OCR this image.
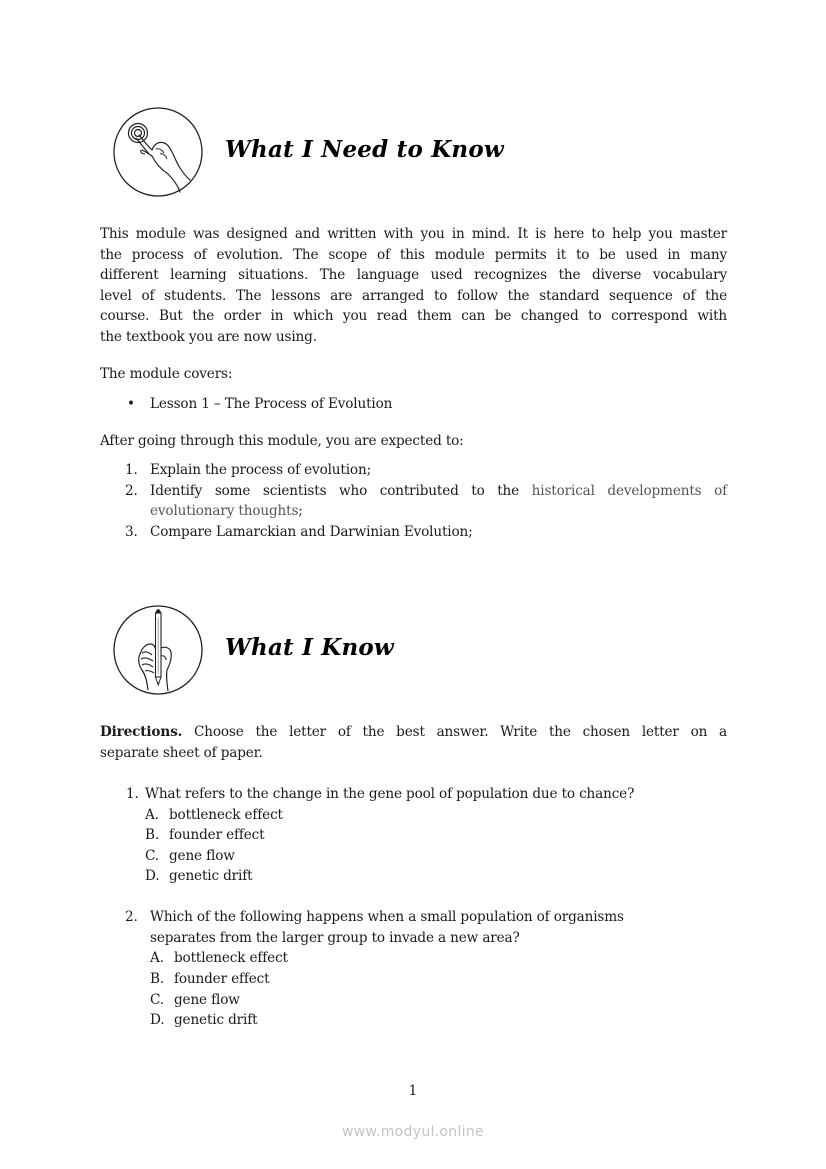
What I Need to Know
This module was designed and written with you in mind. It is here to help you master
the process of evolution. The scope of this module permits it to be used in many
different learning situations. The language used recognizes the diverse vocabulary
level of students. The lessons are arranged to follow the standard sequence of the
course. But the order in which you read them can be changed to correspond with
the textbook you are now using.
The module covers:
• Lesson 1 – The Process of Evolution
After going through this module, you are expected to:
1. Explain the process of evolution;
2. Identify some scientists who contributed to the historical developments of
evolutionary thoughts;
3. Compare Lamarckian and Darwinian Evolution;
What I Know
Directions. Choose the letter of the best answer. Write the chosen letter on a
separate sheet of paper.
1. What refers to the change in the gene pool of population due to chance?
A. bottleneck effect
B. founder effect
C. gene flow
D. genetic drift
2. Which of the following happens when a small population of organisms
separates from the larger group to invade a new area?
A. bottleneck effect
B. founder effect
C. gene flow
D. genetic drift
1
www.modyul.online
